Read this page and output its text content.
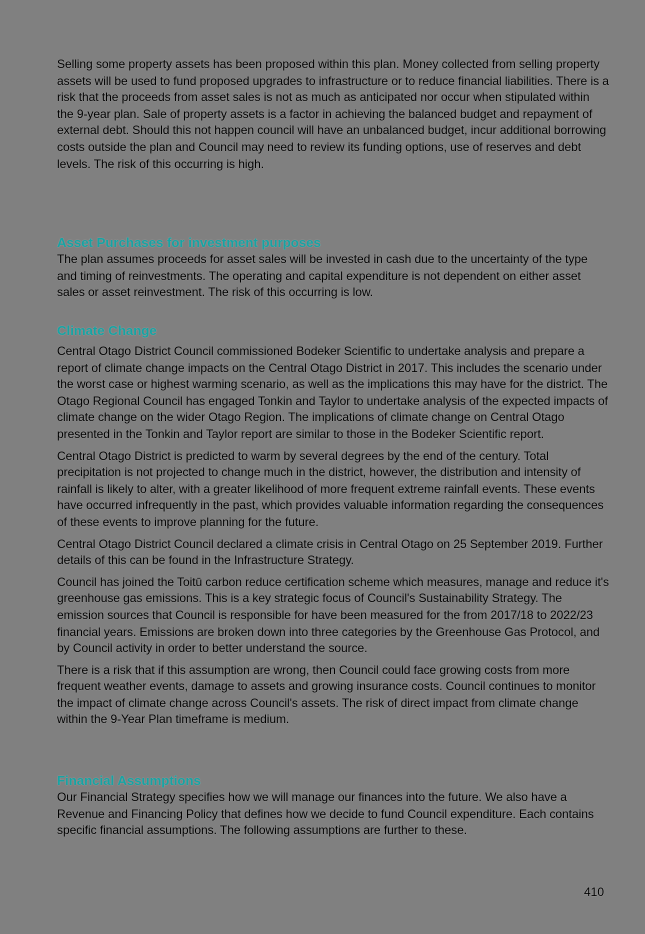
Selling some property assets has been proposed within this plan. Money collected from selling property assets will be used to fund proposed upgrades to infrastructure or to reduce financial liabilities. There is a risk that the proceeds from asset sales is not as much as anticipated nor occur when stipulated within the 9-year plan. Sale of property assets is a factor in achieving the balanced budget and repayment of external debt. Should this not happen council will have an unbalanced budget, incur additional borrowing costs outside the plan and Council may need to review its funding options, use of reserves and debt levels. The risk of this occurring is high.

Asset Purchases for investment purposes

The plan assumes proceeds for asset sales will be invested in cash due to the uncertainty of the type and timing of reinvestments. The operating and capital expenditure is not dependent on either asset sales or asset reinvestment. The risk of this occurring is low.

Climate Change

Central Otago District Council commissioned Bodeker Scientific to undertake analysis and prepare a report of climate change impacts on the Central Otago District in 2017. This includes the scenario under the worst case or highest warming scenario, as well as the implications this may have for the district. The Otago Regional Council has engaged Tonkin and Taylor to undertake analysis of the expected impacts of climate change on the wider Otago Region. The implications of climate change on Central Otago presented in the Tonkin and Taylor report are similar to those in the Bodeker Scientific report.

Central Otago District is predicted to warm by several degrees by the end of the century. Total precipitation is not projected to change much in the district, however, the distribution and intensity of rainfall is likely to alter, with a greater likelihood of more frequent extreme rainfall events. These events have occurred infrequently in the past, which provides valuable information regarding the consequences of these events to improve planning for the future.

Central Otago District Council declared a climate crisis in Central Otago on 25 September 2019. Further details of this can be found in the Infrastructure Strategy.

Council has joined the Toitū carbon reduce certification scheme which measures, manage and reduce it's greenhouse gas emissions. This is a key strategic focus of Council's Sustainability Strategy. The emission sources that Council is responsible for have been measured for the from 2017/18 to 2022/23 financial years. Emissions are broken down into three categories by the Greenhouse Gas Protocol, and by Council activity in order to better understand the source.

There is a risk that if this assumption are wrong, then Council could face growing costs from more frequent weather events, damage to assets and growing insurance costs. Council continues to monitor the impact of climate change across Council's assets. The risk of direct impact from climate change within the 9-Year Plan timeframe is medium.

Financial Assumptions

Our Financial Strategy specifies how we will manage our finances into the future. We also have a Revenue and Financing Policy that defines how we decide to fund Council expenditure. Each contains specific financial assumptions. The following assumptions are further to these.

410
